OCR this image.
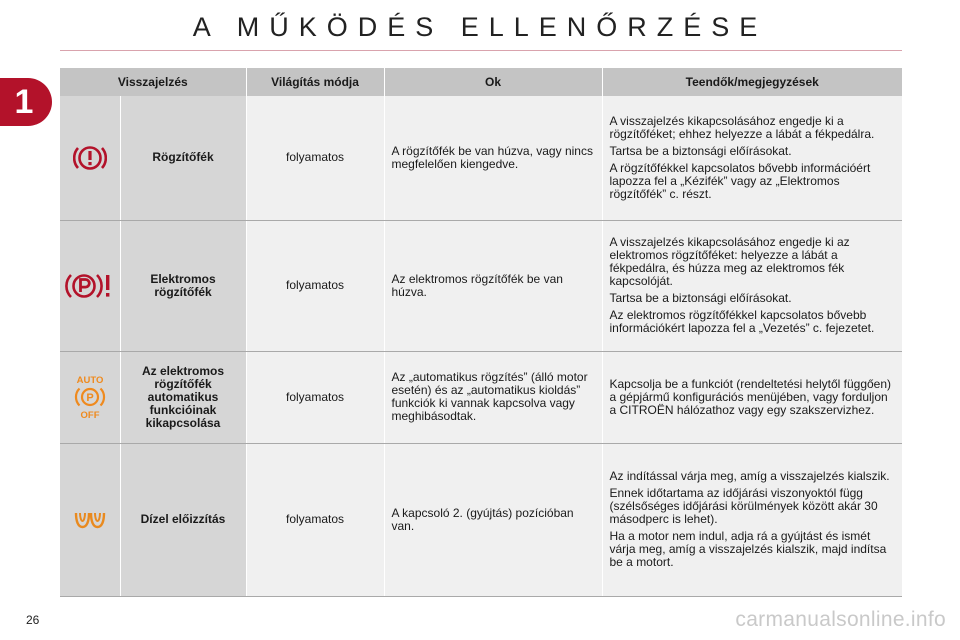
A MŰKÖDÉS ELLENŐRZÉSE
1
Visszajelzés		Világítás módja	Ok	Teendők/megjegyzések
	Rögzítőfék	folyamatos	A rögzítőfék be van húzva, vagy nincs megfelelően kiengedve.	A visszajelzés kikapcsolásához engedje ki a rögzítőféket; ehhez helyezze a lábát a fékpedálra.

Tartsa be a biztonsági előírásokat.

A rögzítőfékkel kapcsolatos bővebb információért lapozza fel a „Kézifék” vagy az „Elektromos rögzítőfék” c. részt.

	Elektromos rögzítőfék	folyamatos	Az elektromos rögzítőfék be van húzva.	A visszajelzés kikapcsolásához engedje ki az elektromos rögzítőféket: helyezze a lábát a fékpedálra, és húzza meg az elektromos fék kapcsolóját.

Tartsa be a biztonsági előírásokat.

Az elektromos rögzítőfékkel kapcsolatos bővebb információkért lapozza fel a „Vezetés” c. fejezetet.

AUTO
P
OFF	Az elektromos rögzítőfék automatikus funkcióinak kikapcsolása	folyamatos	Az „automatikus rögzítés” (álló motor esetén) és az „automatikus kioldás” funkciók ki vannak kapcsolva vagy meghibásodtak.	Kapcsolja be a funkciót (rendeltetési helytől függően) a gépjármű konfigurációs menüjében, vagy forduljon a CITROËN hálózathoz vagy egy szakszervizhez.

	Dízel előizzítás	folyamatos	A kapcsoló 2. (gyújtás) pozícióban van.	Az indítással várja meg, amíg a visszajelzés kialszik.

Ennek időtartama az időjárási viszonyoktól függ (szélsőséges időjárási körülmények között akár 30 másodperc is lehet).

Ha a motor nem indul, adja rá a gyújtást és ismét várja meg, amíg a visszajelzés kialszik, majd indítsa be a motort.

26	carmanualsonline.info
